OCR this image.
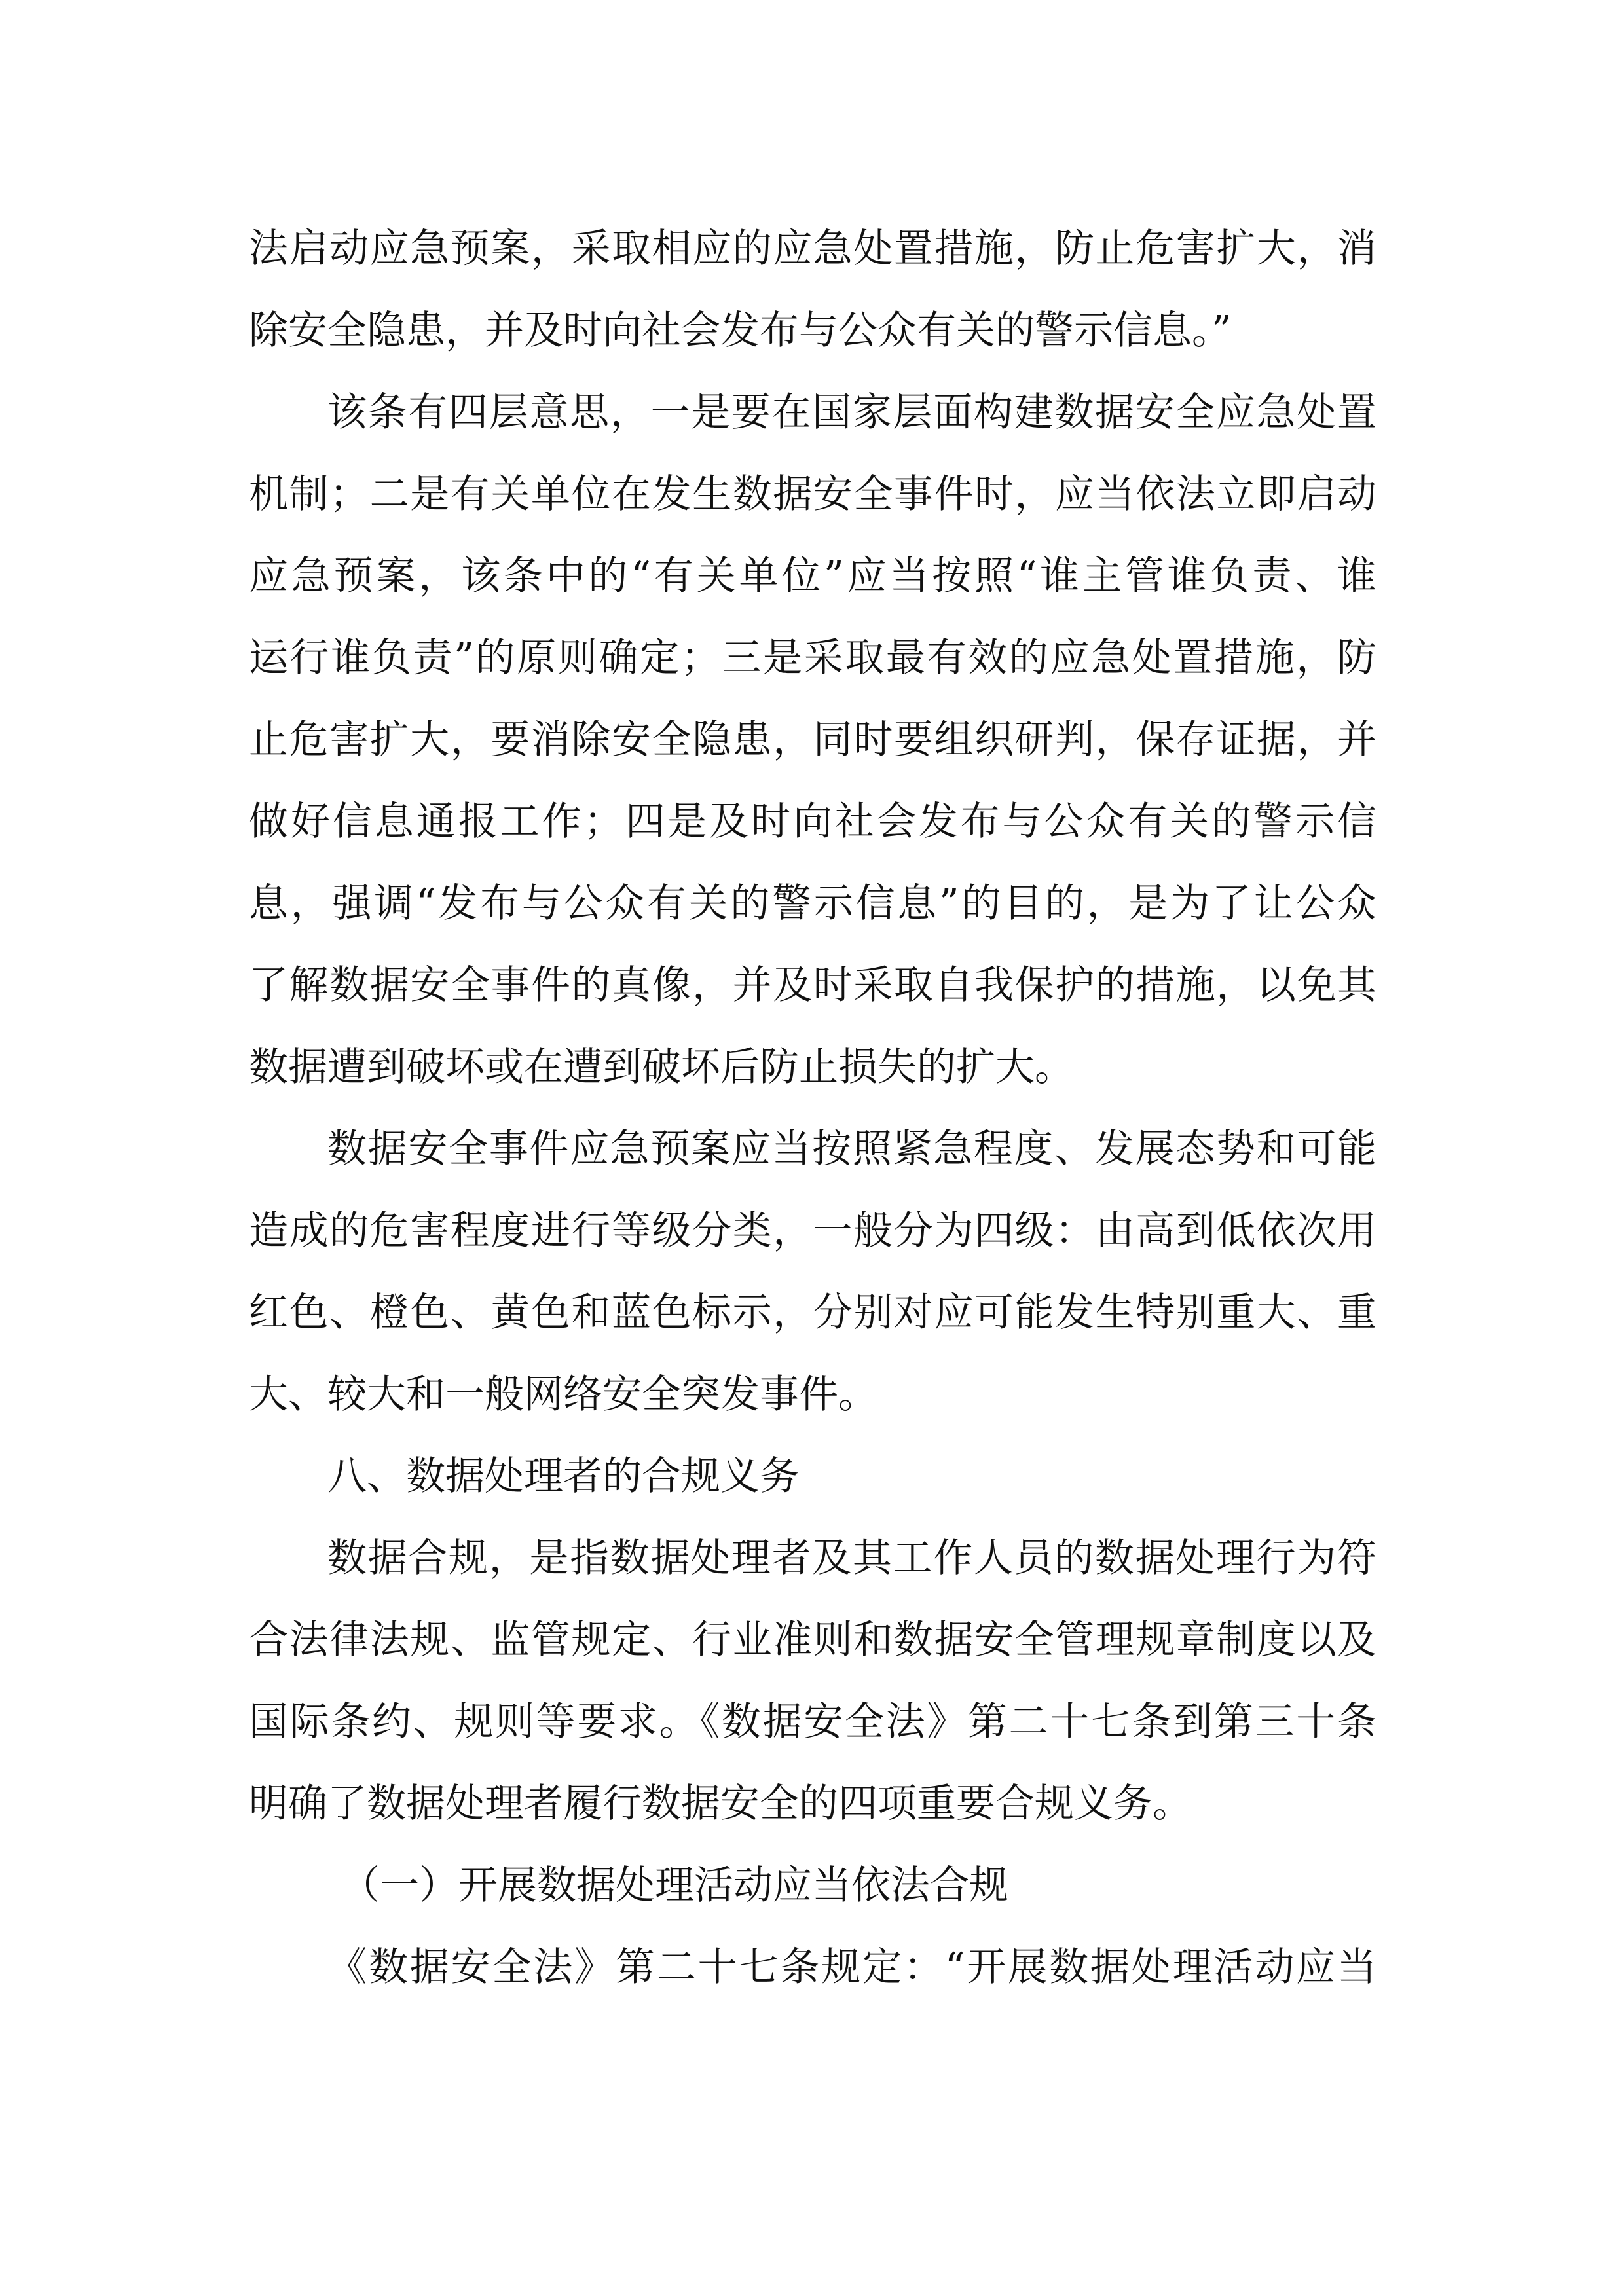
法启动应急预案，采取相应的应急处置措施，防止危害扩大，消
除安全隐患，并及时向社会发布与公众有关的警示信息。”
该条有四层意思，一是要在国家层面构建数据安全应急处置
机制；二是有关单位在发生数据安全事件时，应当依法立即启动
应急预案，该条中的“有关单位”应当按照“谁主管谁负责、谁
运行谁负责”的原则确定；三是采取最有效的应急处置措施，防
止危害扩大，要消除安全隐患，同时要组织研判，保存证据，并
做好信息通报工作；四是及时向社会发布与公众有关的警示信
息，强调“发布与公众有关的警示信息”的目的，是为了让公众
了解数据安全事件的真像，并及时采取自我保护的措施，以免其
数据遭到破坏或在遭到破坏后防止损失的扩大。
数据安全事件应急预案应当按照紧急程度、发展态势和可能
造成的危害程度进行等级分类，一般分为四级：由高到低依次用
红色、橙色、黄色和蓝色标示，分别对应可能发生特别重大、重
大、较大和一般网络安全突发事件。
八、数据处理者的合规义务
数据合规，是指数据处理者及其工作人员的数据处理行为符
合法律法规、监管规定、行业准则和数据安全管理规章制度以及
国际条约、规则等要求。《数据安全法》第二十七条到第三十条
明确了数据处理者履行数据安全的四项重要合规义务。
（一）开展数据处理活动应当依法合规
《数据安全法》第二十七条规定：“开展数据处理活动应当
